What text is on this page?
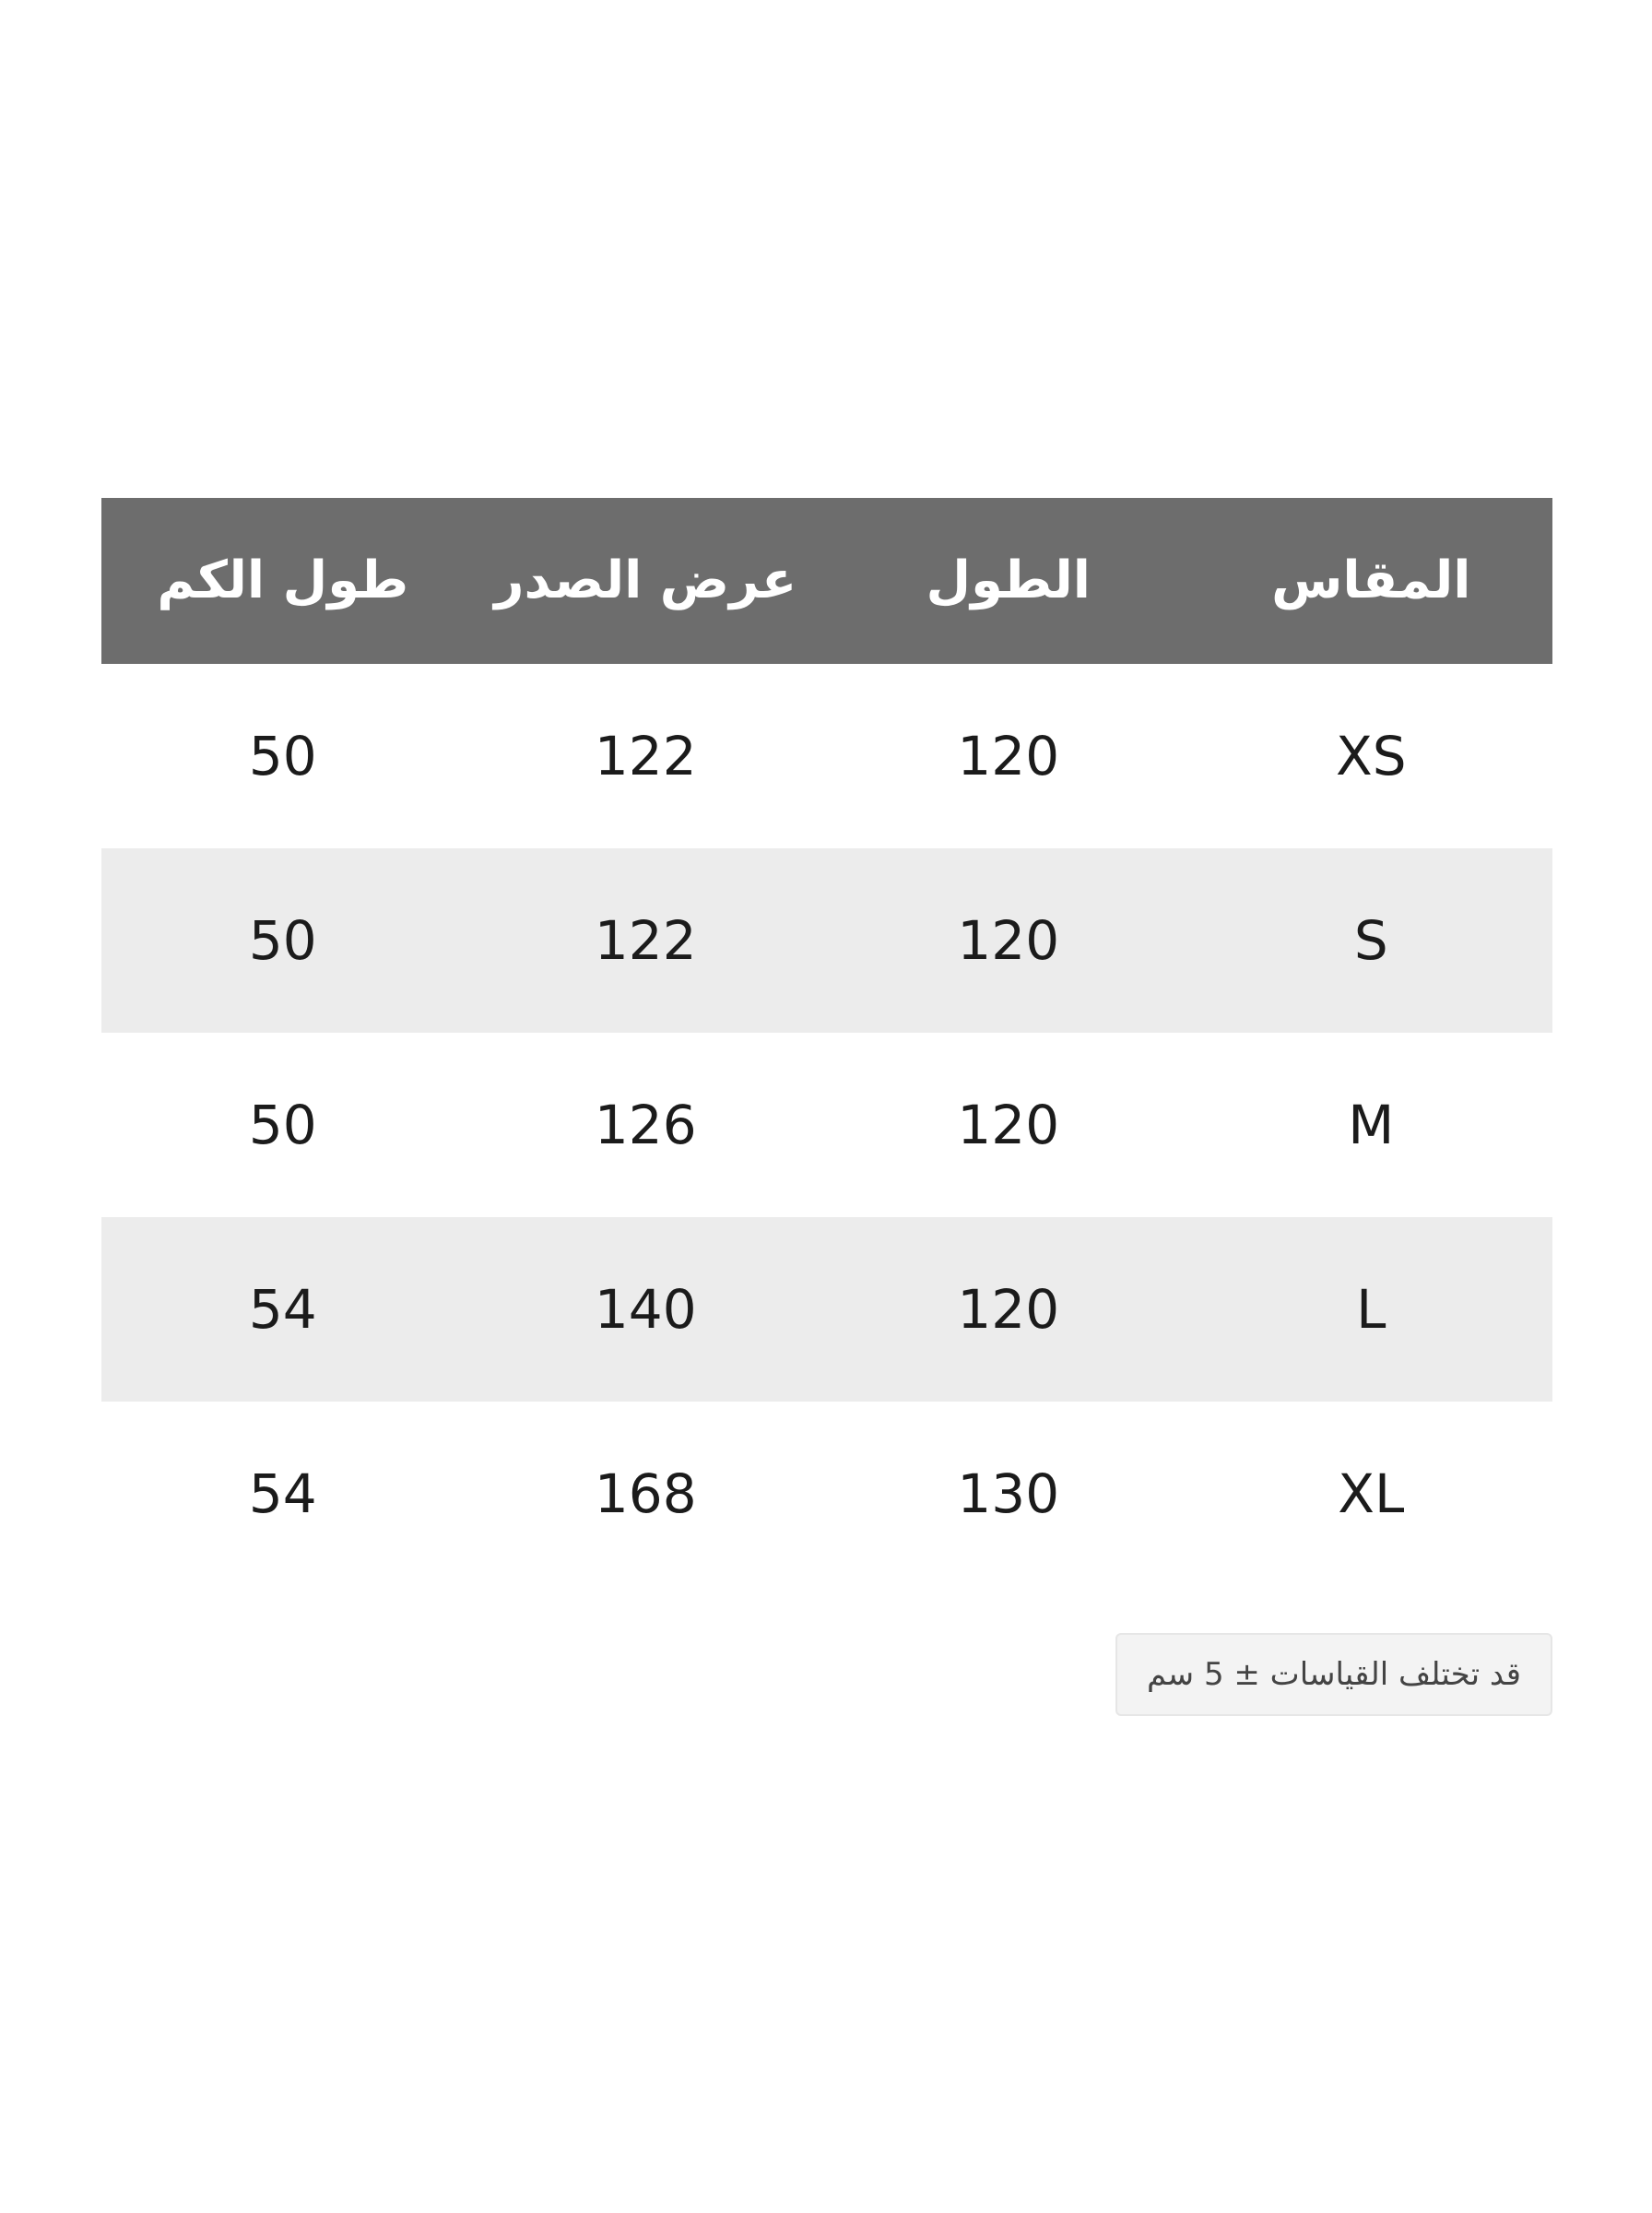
المقاس
الطول
عرض الصدر
طول الكم
XS
120
122
50
S
120
122
50
M
120
126
50
L
120
140
54
XL
130
168
54
قد تختلف القياسات ± 5 سم
